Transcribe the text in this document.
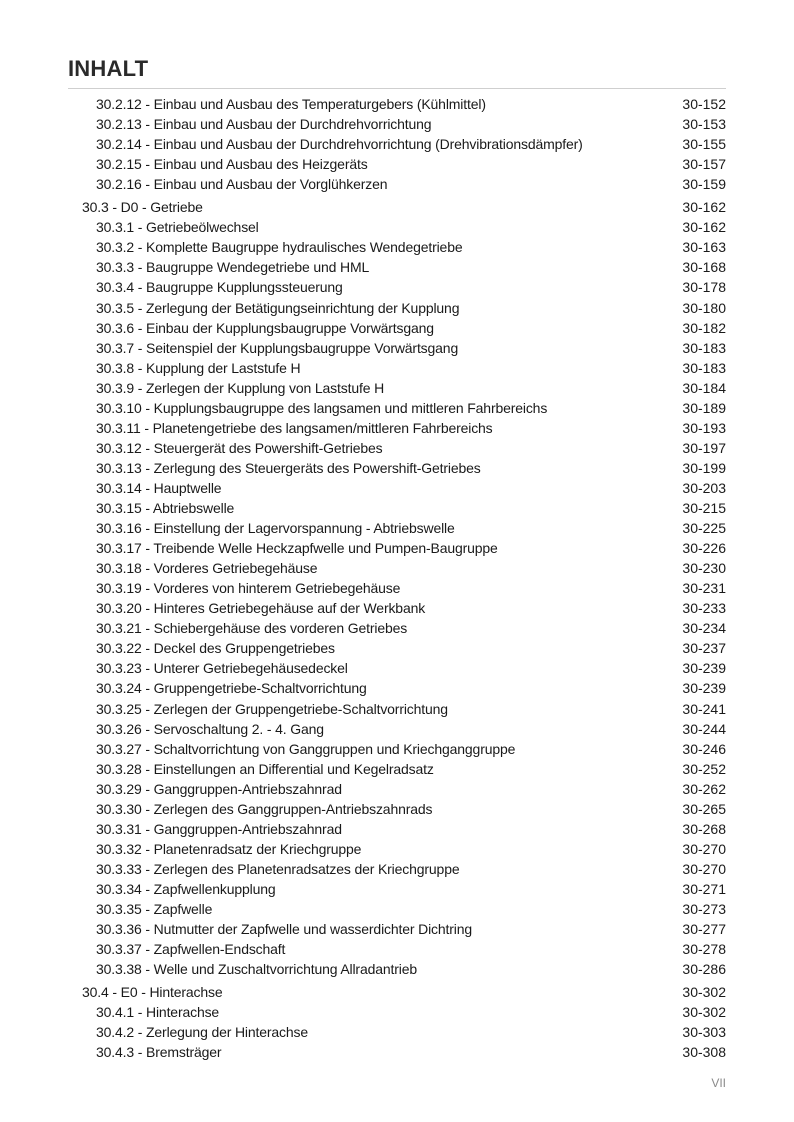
INHALT
30.2.12 - Einbau und Ausbau des Temperaturgebers (Kühlmittel)	30-152
30.2.13 - Einbau und Ausbau der Durchdrehvorrichtung	30-153
30.2.14 - Einbau und Ausbau der Durchdrehvorrichtung (Drehvibrationsdämpfer)	30-155
30.2.15 - Einbau und Ausbau des Heizgeräts	30-157
30.2.16 - Einbau und Ausbau der Vorglühkerzen	30-159
30.3 - D0 - Getriebe	30-162
30.3.1 - Getriebeölwechsel	30-162
30.3.2 - Komplette Baugruppe hydraulisches Wendegetriebe	30-163
30.3.3 - Baugruppe Wendegetriebe und HML	30-168
30.3.4 - Baugruppe Kupplungssteuerung	30-178
30.3.5 - Zerlegung der Betätigungseinrichtung der Kupplung	30-180
30.3.6 - Einbau der Kupplungsbaugruppe Vorwärtsgang	30-182
30.3.7 - Seitenspiel der Kupplungsbaugruppe Vorwärtsgang	30-183
30.3.8 - Kupplung der Laststufe H	30-183
30.3.9 - Zerlegen der Kupplung von Laststufe H	30-184
30.3.10 - Kupplungsbaugruppe des langsamen und mittleren Fahrbereichs	30-189
30.3.11 - Planetengetriebe des langsamen/mittleren Fahrbereichs	30-193
30.3.12 - Steuergerät des Powershift-Getriebes	30-197
30.3.13 - Zerlegung des Steuergeräts des Powershift-Getriebes	30-199
30.3.14 - Hauptwelle	30-203
30.3.15 - Abtriebswelle	30-215
30.3.16 - Einstellung der Lagervorspannung - Abtriebswelle	30-225
30.3.17 - Treibende Welle Heckzapfwelle und Pumpen-Baugruppe	30-226
30.3.18 - Vorderes Getriebegehäuse	30-230
30.3.19 - Vorderes von hinterem Getriebegehäuse	30-231
30.3.20 - Hinteres Getriebegehäuse auf der Werkbank	30-233
30.3.21 - Schiebergehäuse des vorderen Getriebes	30-234
30.3.22 - Deckel des Gruppengetriebes	30-237
30.3.23 - Unterer Getriebegehäusedeckel	30-239
30.3.24 - Gruppengetriebe-Schaltvorrichtung	30-239
30.3.25 - Zerlegen der Gruppengetriebe-Schaltvorrichtung	30-241
30.3.26 - Servoschaltung 2. - 4. Gang	30-244
30.3.27 - Schaltvorrichtung von Ganggruppen und Kriechganggruppe	30-246
30.3.28 - Einstellungen an Differential und Kegelradsatz	30-252
30.3.29 - Ganggruppen-Antriebszahnrad	30-262
30.3.30 - Zerlegen des Ganggruppen-Antriebszahnrads	30-265
30.3.31 - Ganggruppen-Antriebszahnrad	30-268
30.3.32 - Planetenradsatz der Kriechgruppe	30-270
30.3.33 - Zerlegen des Planetenradsatzes der Kriechgruppe	30-270
30.3.34 - Zapfwellenkupplung	30-271
30.3.35 - Zapfwelle	30-273
30.3.36 - Nutmutter der Zapfwelle und wasserdichter Dichtring	30-277
30.3.37 - Zapfwellen-Endschaft	30-278
30.3.38 - Welle und Zuschaltvorrichtung Allradantrieb	30-286
30.4 - E0 - Hinterachse	30-302
30.4.1 - Hinterachse	30-302
30.4.2 - Zerlegung der Hinterachse	30-303
30.4.3 - Bremsträger	30-308
VII
